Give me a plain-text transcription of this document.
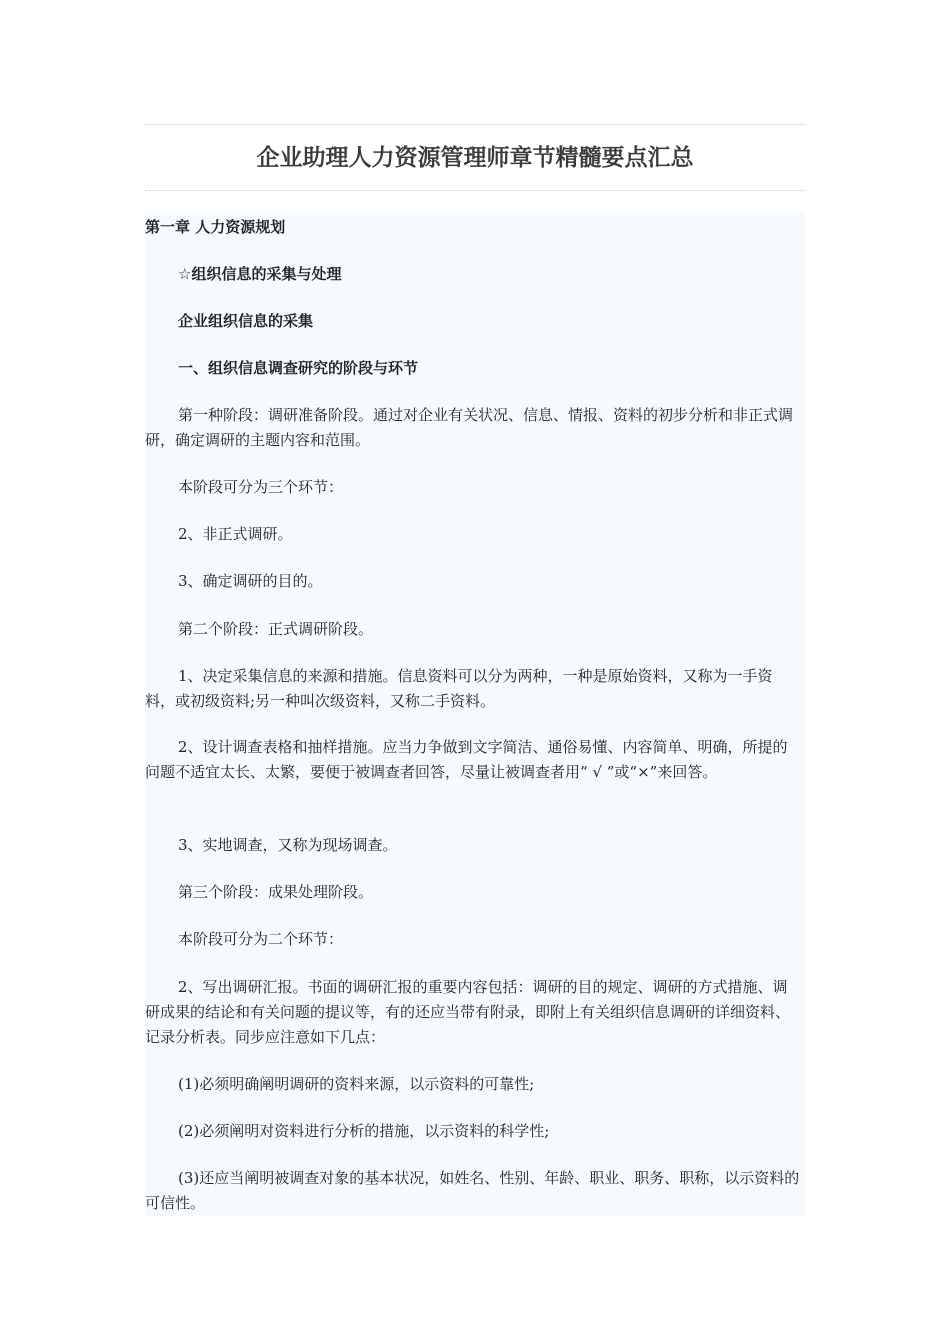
企业助理人力资源管理师章节精髓要点汇总

第一章 人力资源规划

☆组织信息的采集与处理

企业组织信息的采集

一、组织信息调查研究的阶段与环节

第一种阶段：调研准备阶段。通过对企业有关状况、信息、情报、资料的初步分析和非正式调研，确定调研的主题内容和范围。

本阶段可分为三个环节：

2、非正式调研。

3、确定调研的目的。

第二个阶段：正式调研阶段。

1、决定采集信息的来源和措施。信息资料可以分为两种，一种是原始资料，又称为一手资料，或初级资料;另一种叫次级资料，又称二手资料。

2、设计调查表格和抽样措施。应当力争做到文字简洁、通俗易懂、内容简单、明确，所提的问题不适宜太长、太繁，要便于被调查者回答，尽量让被调查者用“ √ ”或“×”来回答。

3、实地调查，又称为现场调查。

第三个阶段：成果处理阶段。

本阶段可分为二个环节：

2、写出调研汇报。书面的调研汇报的重要内容包括：调研的目的规定、调研的方式措施、调研成果的结论和有关问题的提议等，有的还应当带有附录，即附上有关组织信息调研的详细资料、记录分析表。同步应注意如下几点：

(1)必须明确阐明调研的资料来源，以示资料的可靠性;

(2)必须阐明对资料进行分析的措施，以示资料的科学性;

(3)还应当阐明被调查对象的基本状况，如姓名、性别、年龄、职业、职务、职称，以示资料的可信性。
